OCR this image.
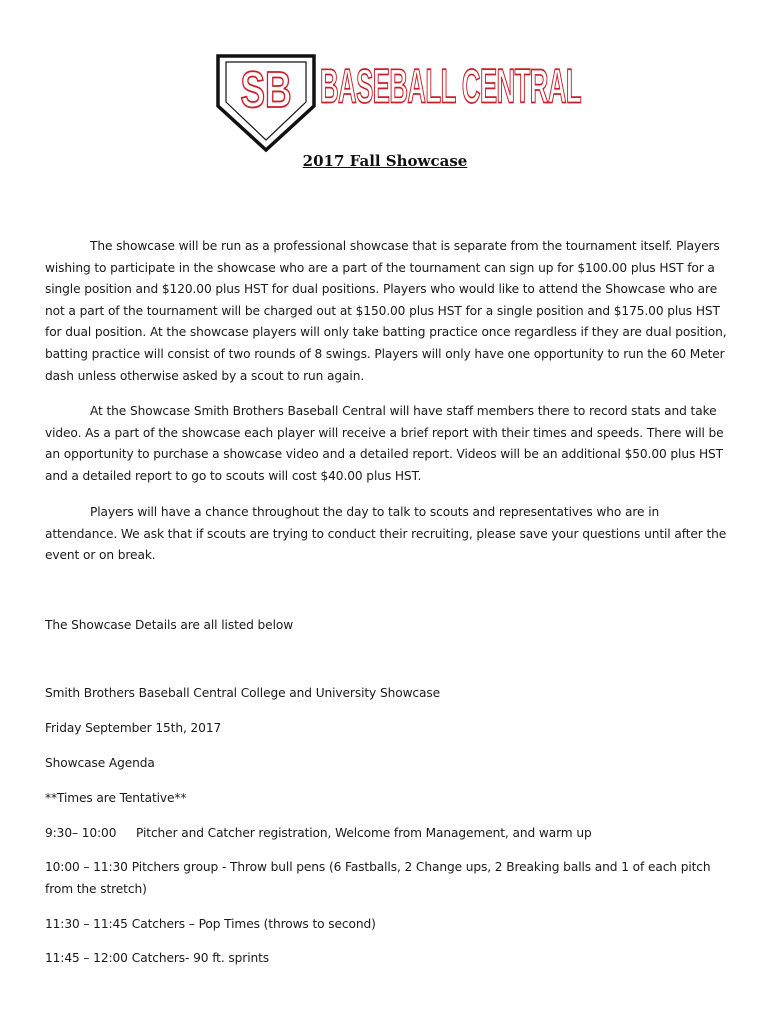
SB BASEBALL CENTRAL
2017 Fall Showcase

The showcase will be run as a professional showcase that is separate from the tournament itself. Players wishing to participate in the showcase who are a part of the tournament can sign up for $100.00 plus HST for a single position and $120.00 plus HST for dual positions. Players who would like to attend the Showcase who are not a part of the tournament will be charged out at $150.00 plus HST for a single position and $175.00 plus HST for dual position. At the showcase players will only take batting practice once regardless if they are dual position, batting practice will consist of two rounds of 8 swings. Players will only have one opportunity to run the 60 Meter dash unless otherwise asked by a scout to run again.

At the Showcase Smith Brothers Baseball Central will have staff members there to record stats and take video. As a part of the showcase each player will receive a brief report with their times and speeds. There will be an opportunity to purchase a showcase video and a detailed report. Videos will be an additional $50.00 plus HST and a detailed report to go to scouts will cost $40.00 plus HST.

Players will have a chance throughout the day to talk to scouts and representatives who are in attendance. We ask that if scouts are trying to conduct their recruiting, please save your questions until after the event or on break.

The Showcase Details are all listed below

Smith Brothers Baseball Central College and University Showcase

Friday September 15th, 2017

Showcase Agenda

**Times are Tentative**

9:30– 10:00 Pitcher and Catcher registration, Welcome from Management, and warm up

10:00 – 11:30 Pitchers group - Throw bull pens (6 Fastballs, 2 Change ups, 2 Breaking balls and 1 of each pitch from the stretch)

11:30 – 11:45 Catchers – Pop Times (throws to second)

11:45 – 12:00 Catchers- 90 ft. sprints
